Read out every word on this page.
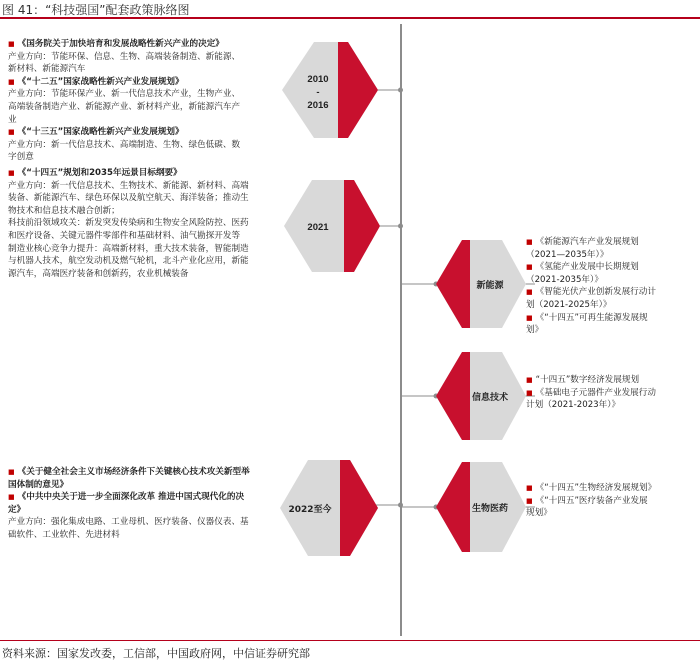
图 41：“科技强国”配套政策脉络图
2010
-
2016
2021
2022至今
新能源
信息技术
生物医药
■ 《国务院关于加快培育和发展战略性新兴产业的决定》
产业方向：节能环保、信息、生物、高端装备制造、新能源、
新材料、新能源汽车
■ 《“十二五”国家战略性新兴产业发展规划》
产业方向：节能环保产业、新一代信息技术产业，生物产业、
高端装备制造产业、新能源产业、新材料产业，新能源汽车产
业
■ 《“十三五”国家战略性新兴产业发展规划》
产业方向：新一代信息技术、高端制造、生物、绿色低碳、数
字创意
■ 《“十四五”规划和2035年远景目标纲要》
产业方向：新一代信息技术、生物技术、新能源、新材料、高端
装备、新能源汽车、绿色环保以及航空航天、海洋装备；推动生
物技术和信息技术融合创新；
科技前沿领域攻关：新发突发传染病和生物安全风险防控、医药
和医疗设备、关键元器件零部件和基础材料、油气勘探开发等
制造业核心竞争力提升：高端新材料，重大技术装备，智能制造
与机器人技术，航空发动机及燃气轮机，北斗产业化应用，新能
源汽车，高端医疗装备和创新药，农业机械装备
■ 《关于健全社会主义市场经济条件下关键核心技术攻关新型举
国体制的意见》
■ 《中共中央关于进一步全面深化改革 推进中国式现代化的决
定》
产业方向：强化集成电路、工业母机、医疗装备、仪器仪表、基
础软件、工业软件、先进材料
■ 《新能源汽车产业发展规划
（2021—2035年）》
■ 《氢能产业发展中长期规划
（2021-2035年）》
■ 《智能光伏产业创新发展行动计
划（2021-2025年）》
■ 《“十四五”可再生能源发展规
划》
■ “十四五”数字经济发展规划
■ 《基础电子元器件产业发展行动
计划（2021-2023年）》
■ 《“十四五”生物经济发展规划》
■ 《“十四五”医疗装备产业发展
规划》
资料来源：国家发改委，工信部，中国政府网，中信证券研究部
